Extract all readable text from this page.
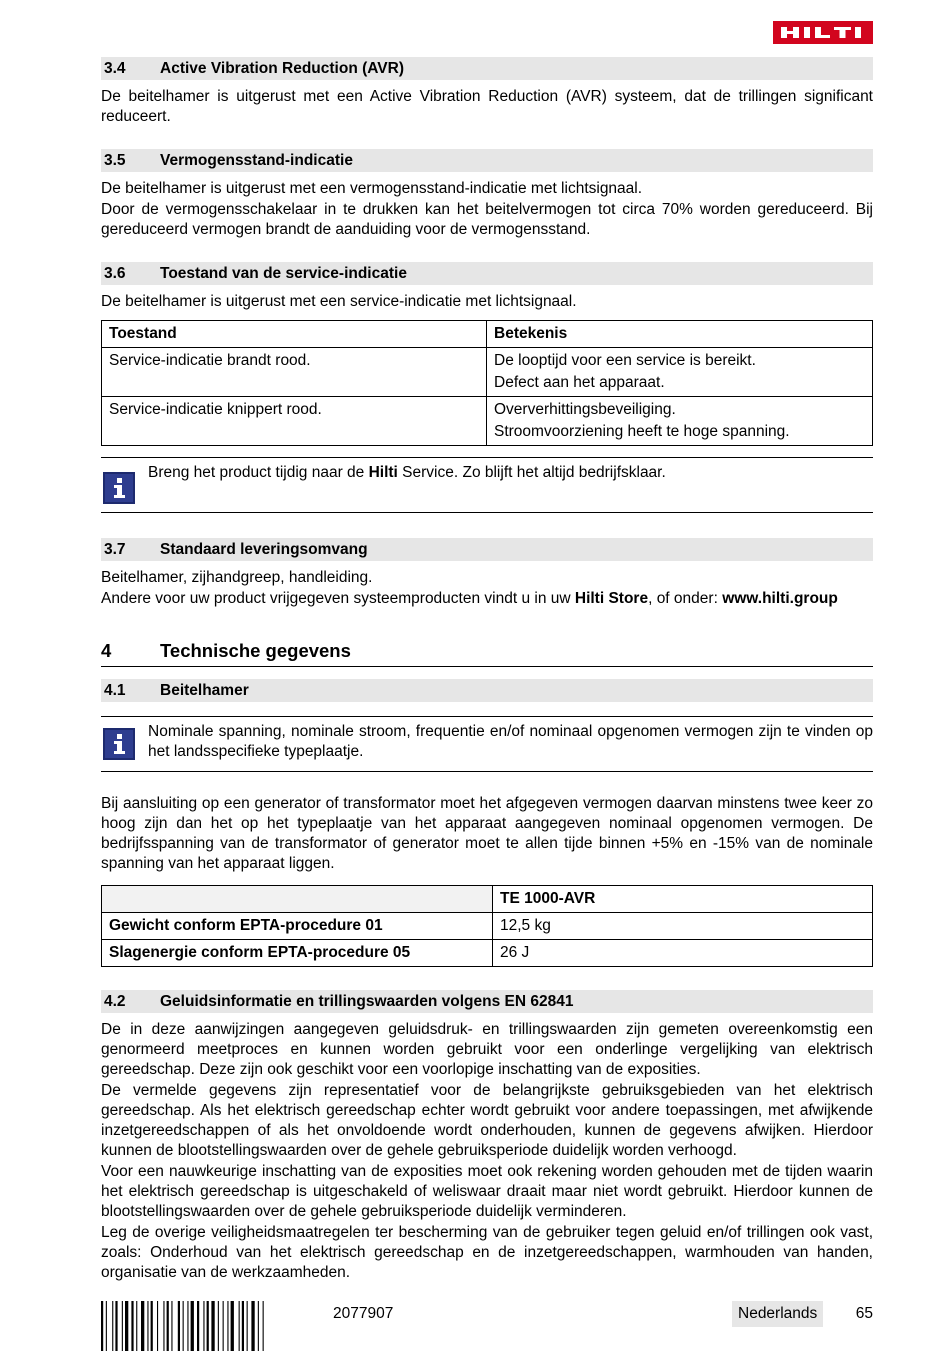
3.4	Active Vibration Reduction (AVR)

De beitelhamer is uitgerust met een Active Vibration Reduction (AVR) systeem, dat de trillingen significant reduceert.

3.5	Vermogensstand-indicatie

De beitelhamer is uitgerust met een vermogensstand-indicatie met lichtsignaal.

Door de vermogensschakelaar in te drukken kan het beitelvermogen tot circa 70% worden gereduceerd. Bij gereduceerd vermogen brandt de aanduiding voor de vermogensstand.

3.6	Toestand van de service-indicatie

De beitelhamer is uitgerust met een service-indicatie met lichtsignaal.

Toestand	Betekenis
Service-indicatie brandt rood.	De looptijd voor een service is bereikt.
Defect aan het apparaat.

Service-indicatie knippert rood.	Oververhittingsbeveiliging.
Stroomvoorziening heeft te hoge spanning.
Breng het product tijdig naar de Hilti Service. Zo blijft het altijd bedrijfsklaar.
3.7	Standaard leveringsomvang

Beitelhamer, zijhandgreep, handleiding.

Andere voor uw product vrijgegeven systeemproducten vindt u in uw Hilti Store, of onder: www.hilti.group

4	Technische gegevens
4.1	Beitelhamer
Nominale spanning, nominale stroom, frequentie en/of nominaal opgenomen vermogen zijn te vinden op het landsspecifieke typeplaatje.

Bij aansluiting op een generator of transformator moet het afgegeven vermogen daarvan minstens twee keer zo hoog zijn dan het op het typeplaatje van het apparaat aangegeven nominaal opgenomen vermogen. De bedrijfsspanning van de transformator of generator moet te allen tijde binnen +5% en -15% van de nominale spanning van het apparaat liggen.

	TE 1000-AVR
Gewicht conform EPTA-procedure 01	12,5 kg
Slagenergie conform EPTA-procedure 05	26 J
4.2	Geluidsinformatie en trillingswaarden volgens EN 62841

De in deze aanwijzingen aangegeven geluidsdruk- en trillingswaarden zijn gemeten overeenkomstig een genormeerd meetproces en kunnen worden gebruikt voor een onderlinge vergelijking van elektrisch gereedschap. Deze zijn ook geschikt voor een voorlopige inschatting van de exposities.

De vermelde gegevens zijn representatief voor de belangrijkste gebruiksgebieden van het elektrisch gereedschap. Als het elektrisch gereedschap echter wordt gebruikt voor andere toepassingen, met afwijkende inzetgereedschappen of als het onvoldoende wordt onderhouden, kunnen de gegevens afwijken. Hierdoor kunnen de blootstellingswaarden over de gehele gebruiksperiode duidelijk worden verhoogd.

Voor een nauwkeurige inschatting van de exposities moet ook rekening worden gehouden met de tijden waarin het elektrisch gereedschap is uitgeschakeld of weliswaar draait maar niet wordt gebruikt. Hierdoor kunnen de blootstellingswaarden over de gehele gebruiksperiode duidelijk verminderen.

Leg de overige veiligheidsmaatregelen ter bescherming van de gebruiker tegen geluid en/of trillingen ook vast, zoals: Onderhoud van het elektrisch gereedschap en de inzetgereedschappen, warmhouden van handen, organisatie van de werkzaamheden.

2077907	Nederlands	65
